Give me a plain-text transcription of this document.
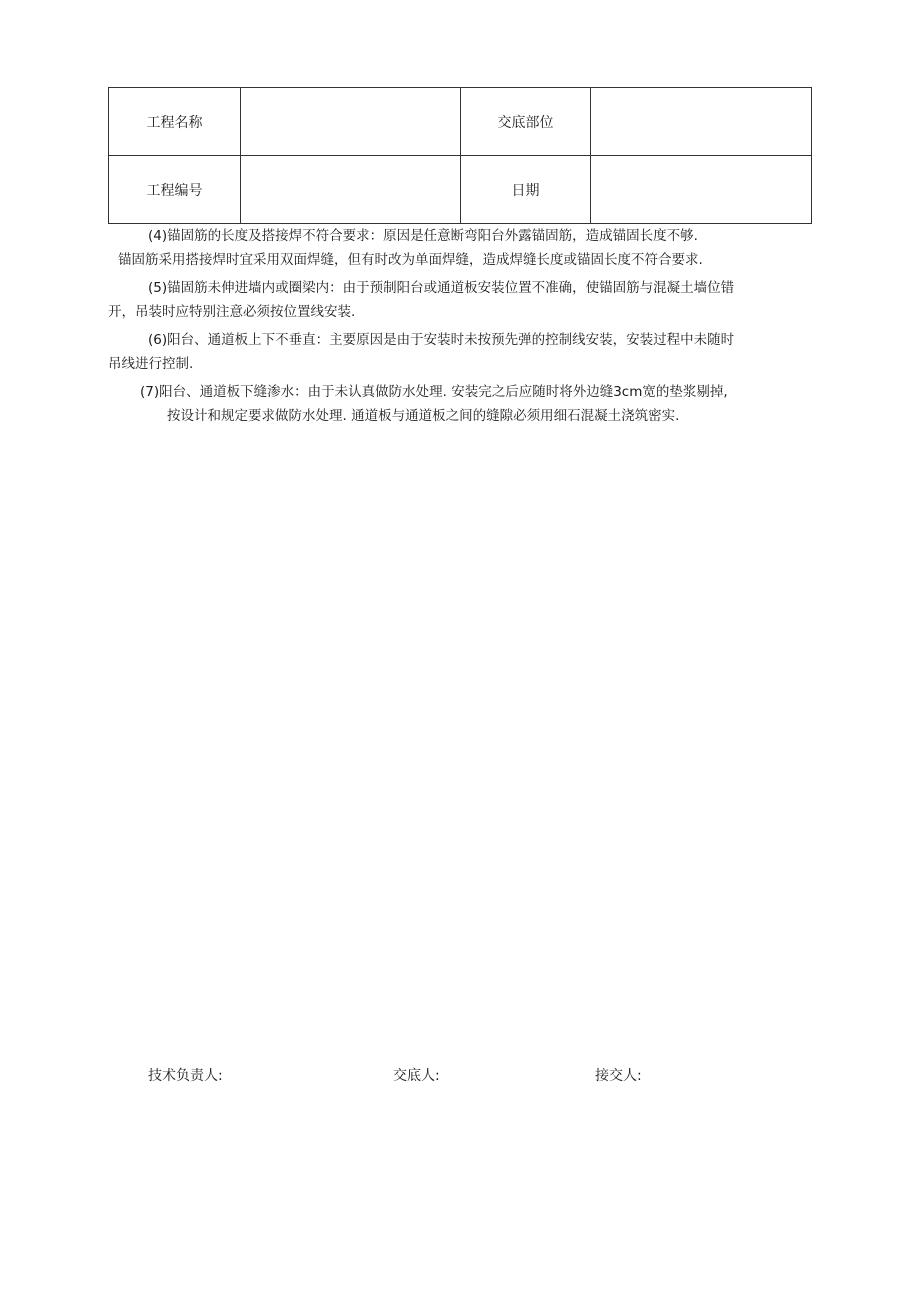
工程名称		交底部位	
工程编号		日期	
(4)锚固筋的长度及搭接焊不符合要求：原因是任意断弯阳台外露锚固筋，造成锚固长度不够.
锚固筋采用搭接焊时宜采用双面焊缝，但有时改为单面焊缝，造成焊缝长度或锚固长度不符合要求.
(5)锚固筋未伸进墙内或圈梁内：由于预制阳台或通道板安装位置不准确，使锚固筋与混凝土墙位错
开，吊装时应特别注意必须按位置线安装.
(6)阳台、通道板上下不垂直：主要原因是由于安装时未按预先弹的控制线安装，安装过程中未随时
吊线进行控制.
(7)阳台、通道板下缝渗水：由于未认真做防水处理. 安装完之后应随时将外边缝3cm宽的垫浆剔掉,
按设计和规定要求做防水处理. 通道板与通道板之间的缝隙必须用细石混凝土浇筑密实.
技术负责人:	交底人:	接交人:
